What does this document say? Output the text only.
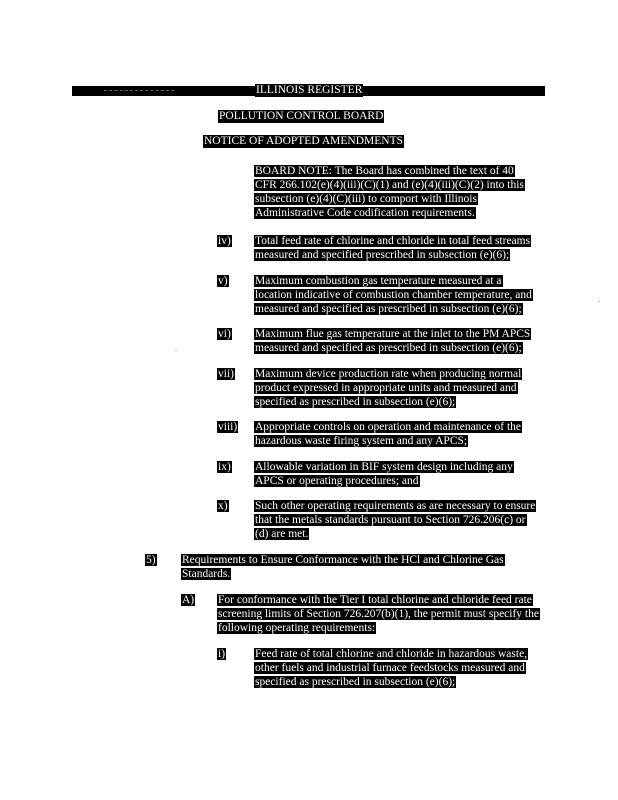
ILLINOIS REGISTER
POLLUTION CONTROL BOARD
NOTICE OF ADOPTED AMENDMENTS
BOARD NOTE: The Board has combined the text of 40 CFR 266.102(e)(4)(iii)(C)(1) and (e)(4)(iii)(C)(2) into this subsection (e)(4)(C)(iii) to comport with Illinois Administrative Code codification requirements.
iv) Total feed rate of chlorine and chloride in total feed streams measured and specified prescribed in subsection (e)(6);
v) Maximum combustion gas temperature measured at a location indicative of combustion chamber temperature, and measured and specified as prescribed in subsection (e)(6);
vi) Maximum flue gas temperature at the inlet to the PM APCS measured and specified as prescribed in subsection (e)(6);
vii) Maximum device production rate when producing normal product expressed in appropriate units and measured and specified as prescribed in subsection (e)(6);
viii) Appropriate controls on operation and maintenance of the hazardous waste firing system and any APCS;
ix) Allowable variation in BIF system design including any APCS or operating procedures; and
x) Such other operating requirements as are necessary to ensure that the metals standards pursuant to Section 726.206(c) or (d) are met.
5) Requirements to Ensure Conformance with the HCl and Chlorine Gas Standards.
A) For conformance with the Tier I total chlorine and chloride feed rate screening limits of Section 726.207(b)(1), the permit must specify the following operating requirements:
i)	Feed rate of total chlorine and chloride in hazardous waste, other fuels and industrial furnace feedstocks measured and specified as prescribed in subsection (e)(6);
